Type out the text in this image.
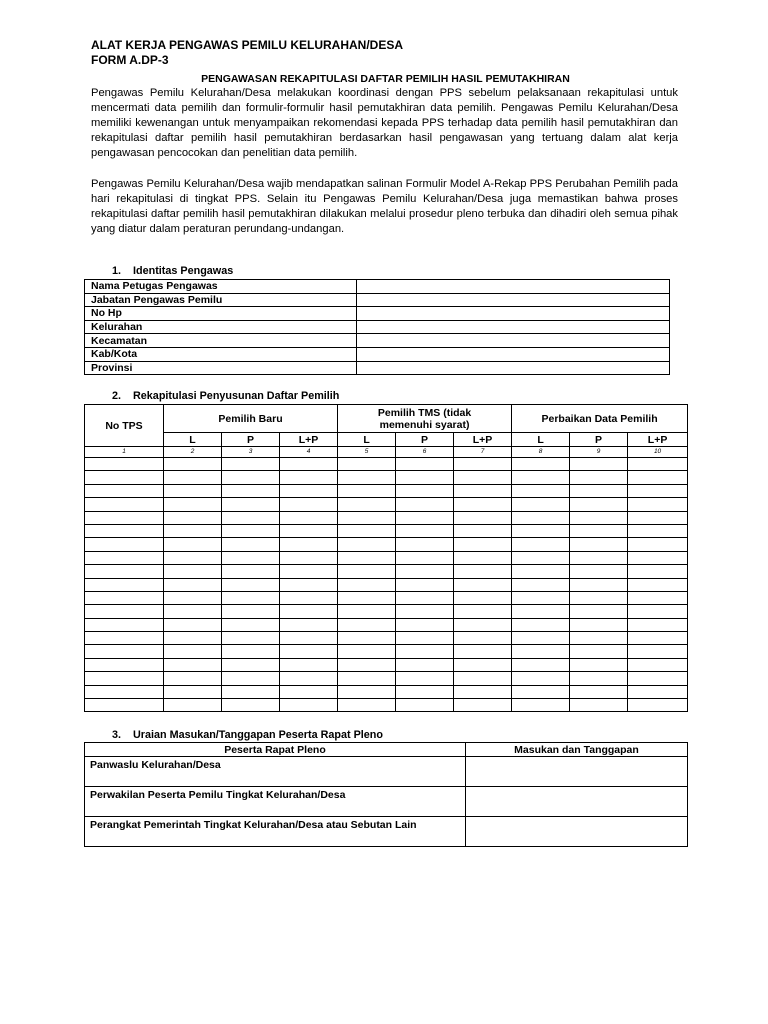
ALAT KERJA PENGAWAS PEMILU KELURAHAN/DESA
FORM A.DP-3
PENGAWASAN REKAPITULASI DAFTAR PEMILIH HASIL PEMUTAKHIRAN

Pengawas Pemilu Kelurahan/Desa melakukan koordinasi dengan PPS sebelum pelaksanaan rekapitulasi untuk mencermati data pemilih dan formulir-formulir hasil pemutakhiran data pemilih. Pengawas Pemilu Kelurahan/Desa memiliki kewenangan untuk menyampaikan rekomendasi kepada PPS terhadap data pemilih hasil pemutakhiran dan rekapitulasi daftar pemilih hasil pemutakhiran berdasarkan hasil pengawasan yang tertuang dalam alat kerja pengawasan pencocokan dan penelitian data pemilih.

Pengawas Pemilu Kelurahan/Desa wajib mendapatkan salinan Formulir Model A-Rekap PPS Perubahan Pemilih pada hari rekapitulasi di tingkat PPS. Selain itu Pengawas Pemilu Kelurahan/Desa juga memastikan bahwa proses rekapitulasi daftar pemilih hasil pemutakhiran dilakukan melalui prosedur pleno terbuka dan dihadiri oleh semua pihak yang diatur dalam peraturan perundang-undangan.

1.    Identitas Pengawas
Nama Petugas Pengawas	
Jabatan Pengawas Pemilu	
No Hp	
Kelurahan	
Kecamatan	
Kab/Kota	
Provinsi	
2.    Rekapitulasi Penyusunan Daftar Pemilih
No TPS	Pemilih Baru			Pemilih TMS (tidak memenuhi syarat)			Perbaikan Data Pemilih		
	L	P	L+P	L	P	L+P	L	P	L+P
1	2	3	4	5	6	7	8	9	10

3.    Uraian Masukan/Tanggapan Peserta Rapat Pleno
Peserta Rapat Pleno	Masukan dan Tanggapan
Panwaslu Kelurahan/Desa	
Perwakilan Peserta Pemilu Tingkat Kelurahan/Desa	
Perangkat Pemerintah Tingkat Kelurahan/Desa atau Sebutan Lain	
